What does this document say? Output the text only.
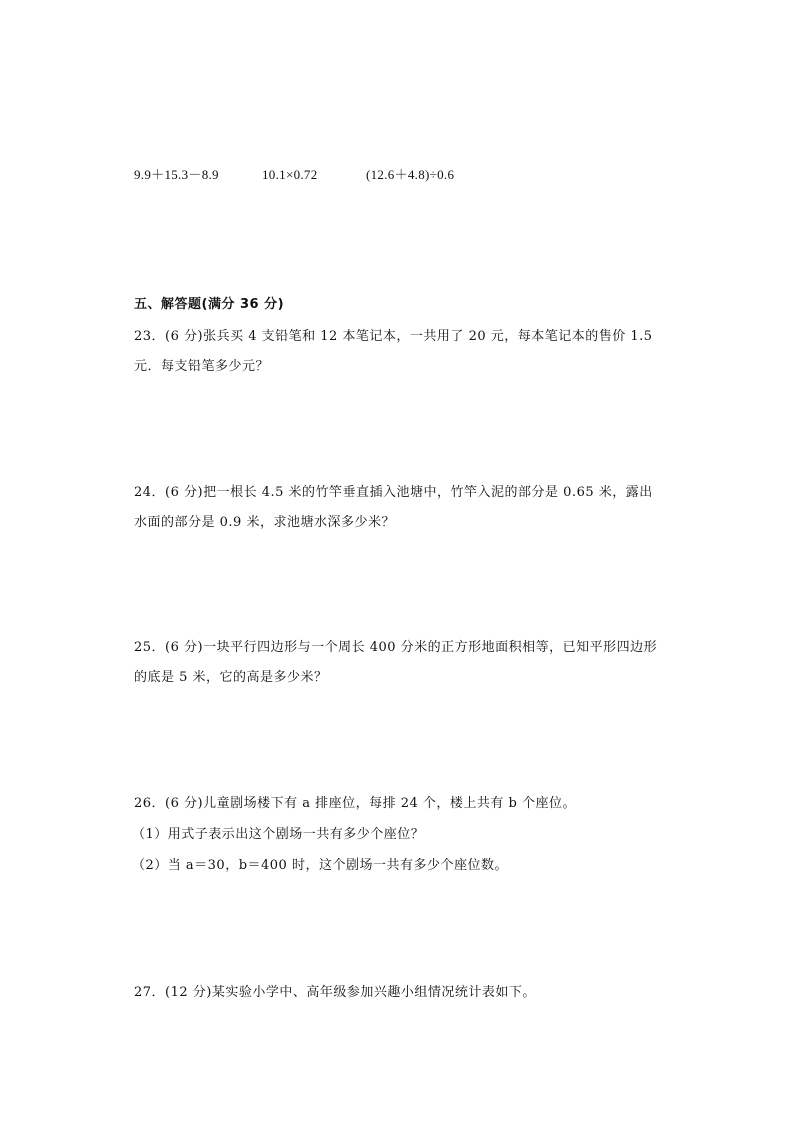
9.9＋15.3－8.9	10.1×0.72	(12.6＋4.8)÷0.6
五、解答题(满分 36 分)
23．(6 分)张兵买 4 支铅笔和 12 本笔记本，一共用了 20 元，每本笔记本的售价 1.5
元．每支铅笔多少元？
24．(6 分)把一根长 4.5 米的竹竿垂直插入池塘中，竹竿入泥的部分是 0.65 米，露出
水面的部分是 0.9 米，求池塘水深多少米？
25．(6 分)一块平行四边形与一个周长 400 分米的正方形地面积相等，已知平形四边形
的底是 5 米，它的高是多少米？
26．(6 分)儿童剧场楼下有 a 排座位，每排 24 个，楼上共有 b 个座位。
（1）用式子表示出这个剧场一共有多少个座位？
（2）当 a＝30，b＝400 时，这个剧场一共有多少个座位数。
27．(12 分)某实验小学中、高年级参加兴趣小组情况统计表如下。
